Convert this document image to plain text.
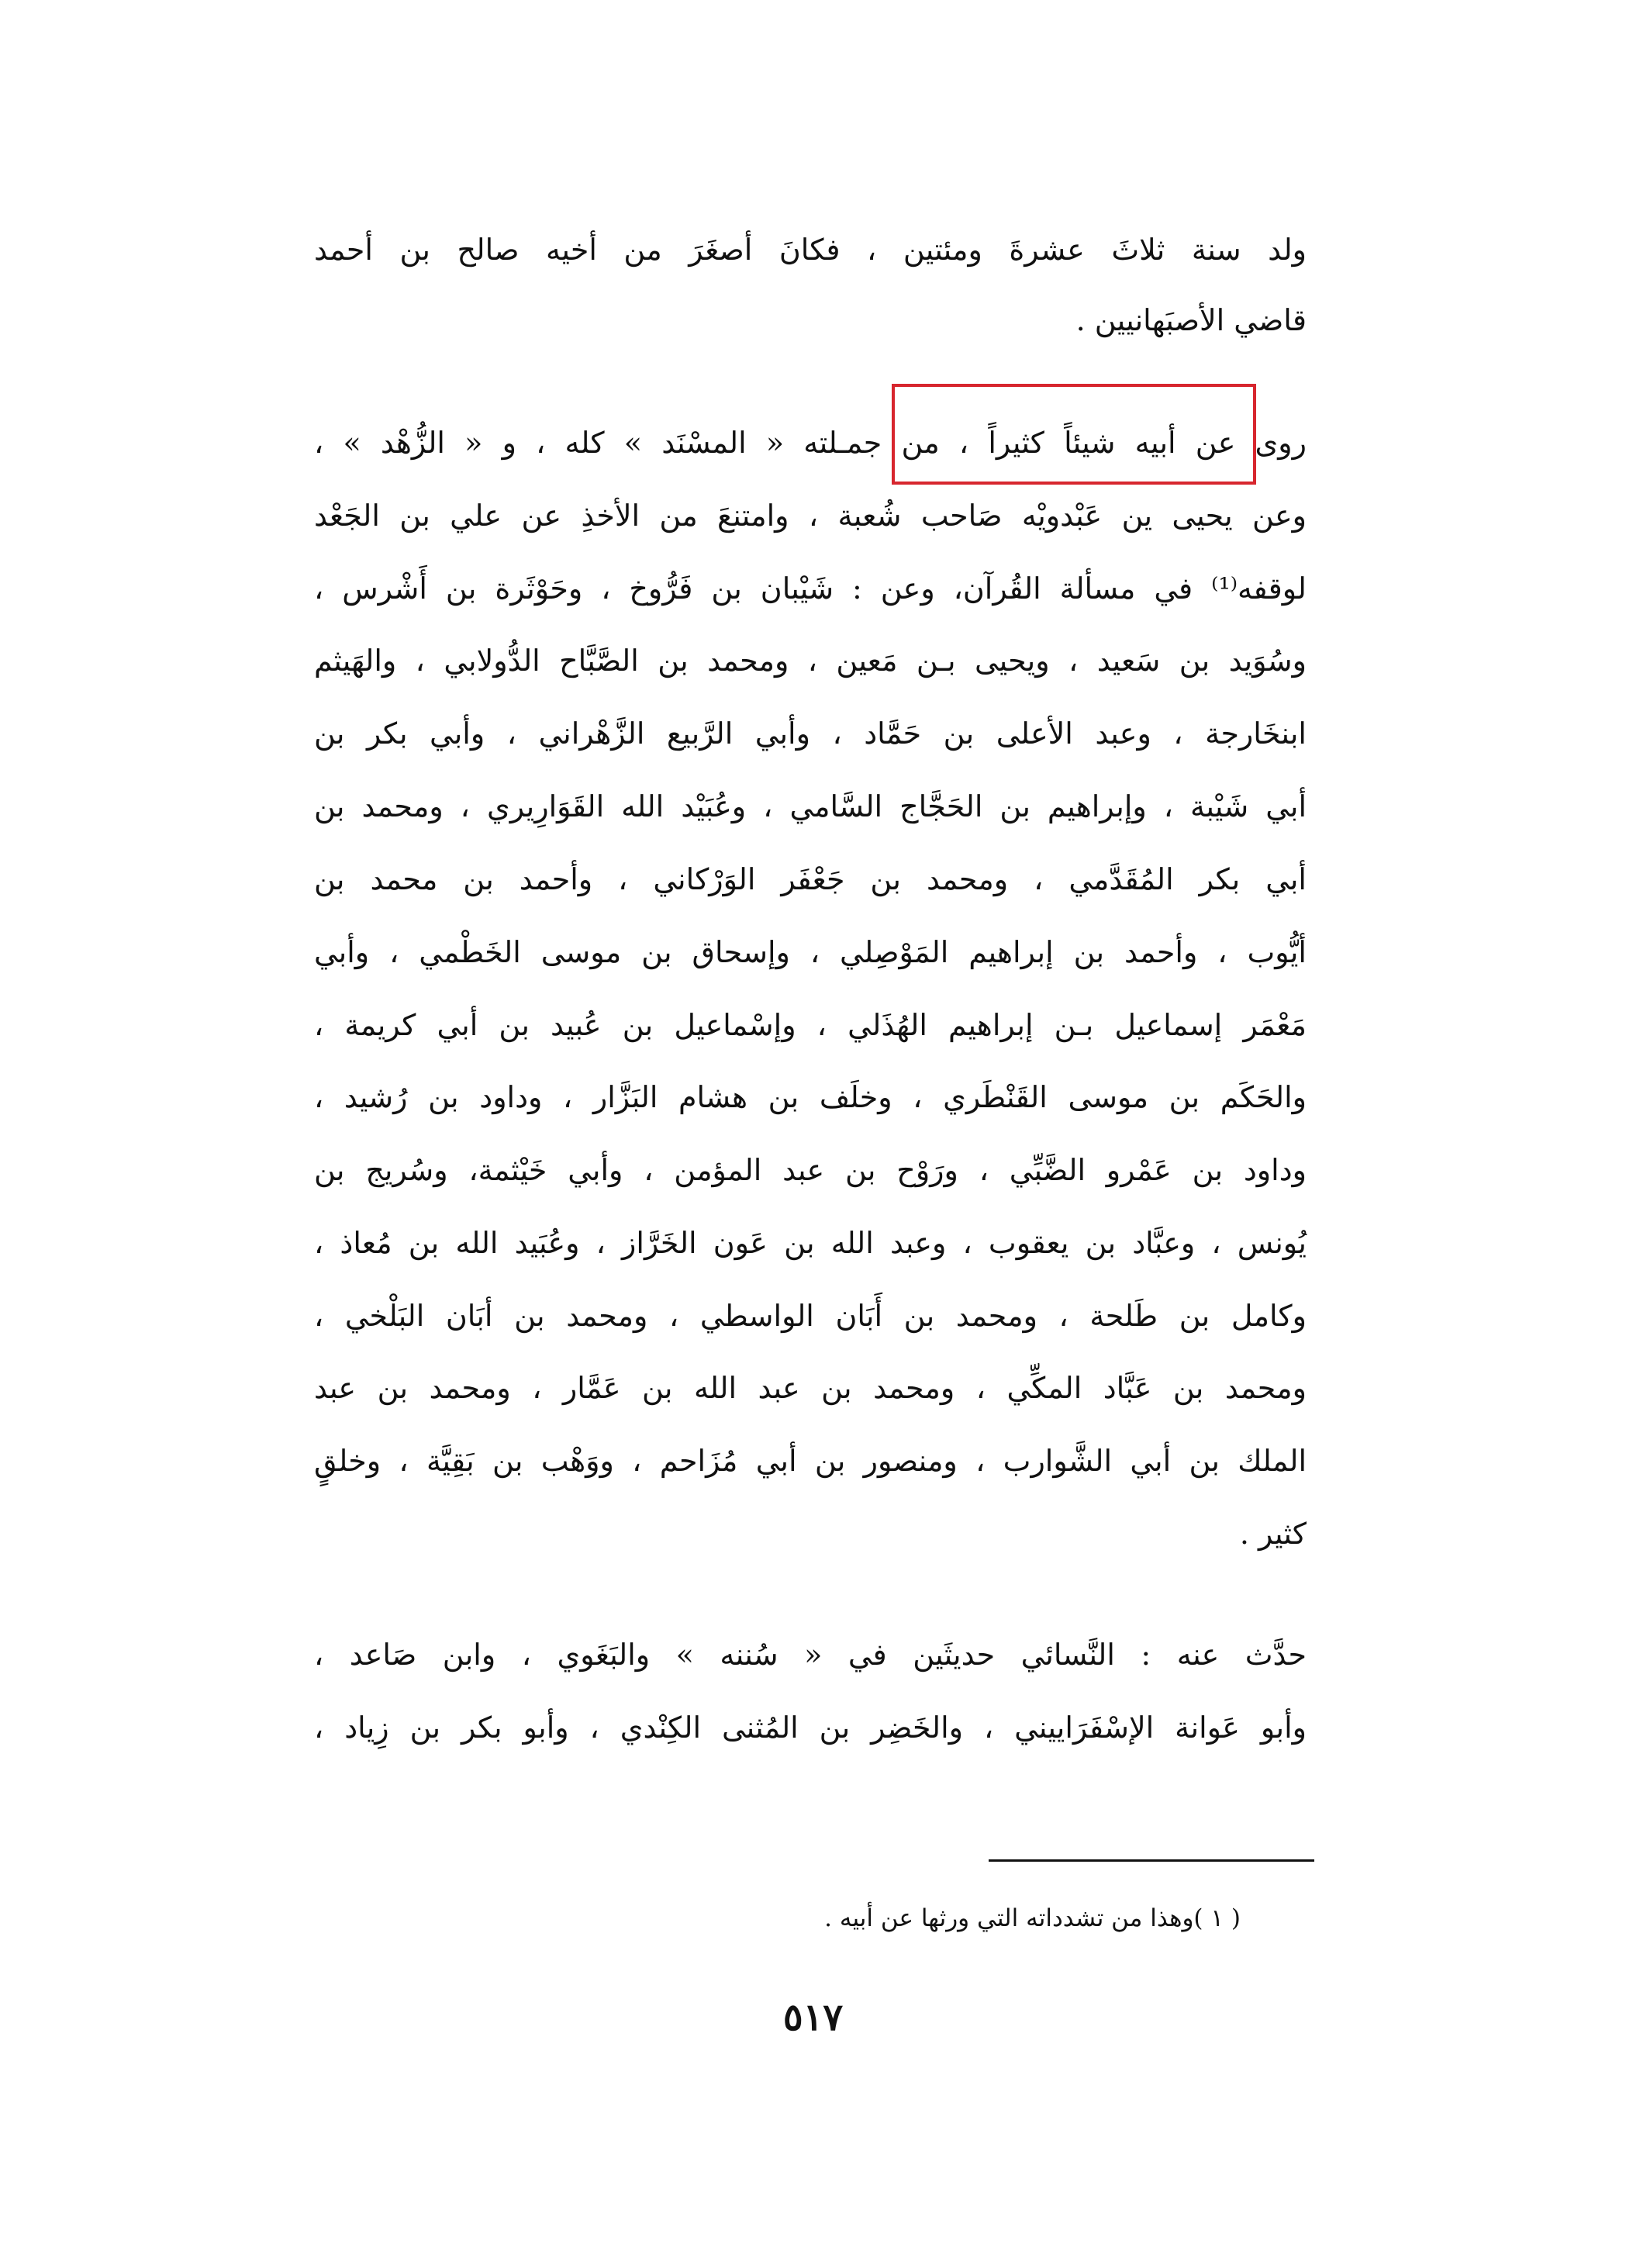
ولد سنة ثلاثَ عشرةَ ومئتين ، فكانَ أصغَرَ من أخيه صالح بن أحمد
قاضي الأصبَهانيين .
روى عن أبيه شيئاً كثيراً ، من جمـلته « المسْنَد » كله ، و « الزُّهْد » ،
وعن يحيى ين عَبْدويْه صَاحب شُعبة ، وامتنعَ من الأخذِ عن علي بن الجَعْد
لوقفه⁽¹⁾ في مسألة القُرآن، وعن : شَيْبان بن فَرُّوخ ، وحَوْثَرة بن أَشْرس ،
وسُوَيد بن سَعيد ، ويحيى بـن مَعين ، ومحمد بن الصَّبَّاح الدُّولابي ، والهَيثم
ابنخَارجة ، وعبد الأعلى بن حَمَّاد ، وأبي الرَّبيع الزَّهْراني ، وأبي بكر بن
أبي شَيْبة ، وإبراهيم بن الحَجَّاج السَّامي ، وعُبَيْد الله القَوَارِيري ، ومحمد بن
أبي بكر المُقَدَّمي ، ومحمد بن جَعْفَر الوَرْكاني ، وأحمد بن محمد بن
أيُّوب ، وأحمد بن إبراهيم المَوْصِلي ، وإسحاق بن موسى الخَطْمي ، وأبي
مَعْمَر إسماعيل بـن إبراهيم الهُذَلي ، وإسْماعيل بن عُبيد بن أبي كريمة ،
والحَكَم بن موسى القَنْطَري ، وخلَف بن هشام البَزَّار ، وداود بن رُشيد ،
وداود بن عَمْرو الضَّبِّي ، ورَوْح بن عبد المؤمن ، وأبي خَيْثمة، وسُريج بن
يُونس ، وعبَّاد بن يعقوب ، وعبد الله بن عَون الخَرَّاز ، وعُبَيد الله بن مُعاذ ،
وكامل بن طَلحة ، ومحمد بن أَبَان الواسطي ، ومحمد بن أبَان البَلْخي ،
ومحمد بن عَبَّاد المكِّي ، ومحمد بن عبد الله بن عَمَّار ، ومحمد بن عبد
الملك بن أبي الشَّوارب ، ومنصور بن أبي مُزَاحم ، ووَهْب بن بَقِيَّة ، وخلقٍ
كثير .
حدَّث عنه : النَّسائي حديثَين في « سُننه » والبَغَوي ، وابن صَاعد ،
وأبو عَوانة الإسْفَرَاييني ، والخَضِر بن المُثنى الكِنْدي ، وأبو بكر بن زِياد ،
( ١ )وهذا من تشدداته التي ورثها عن أبيه .
٥١٧
